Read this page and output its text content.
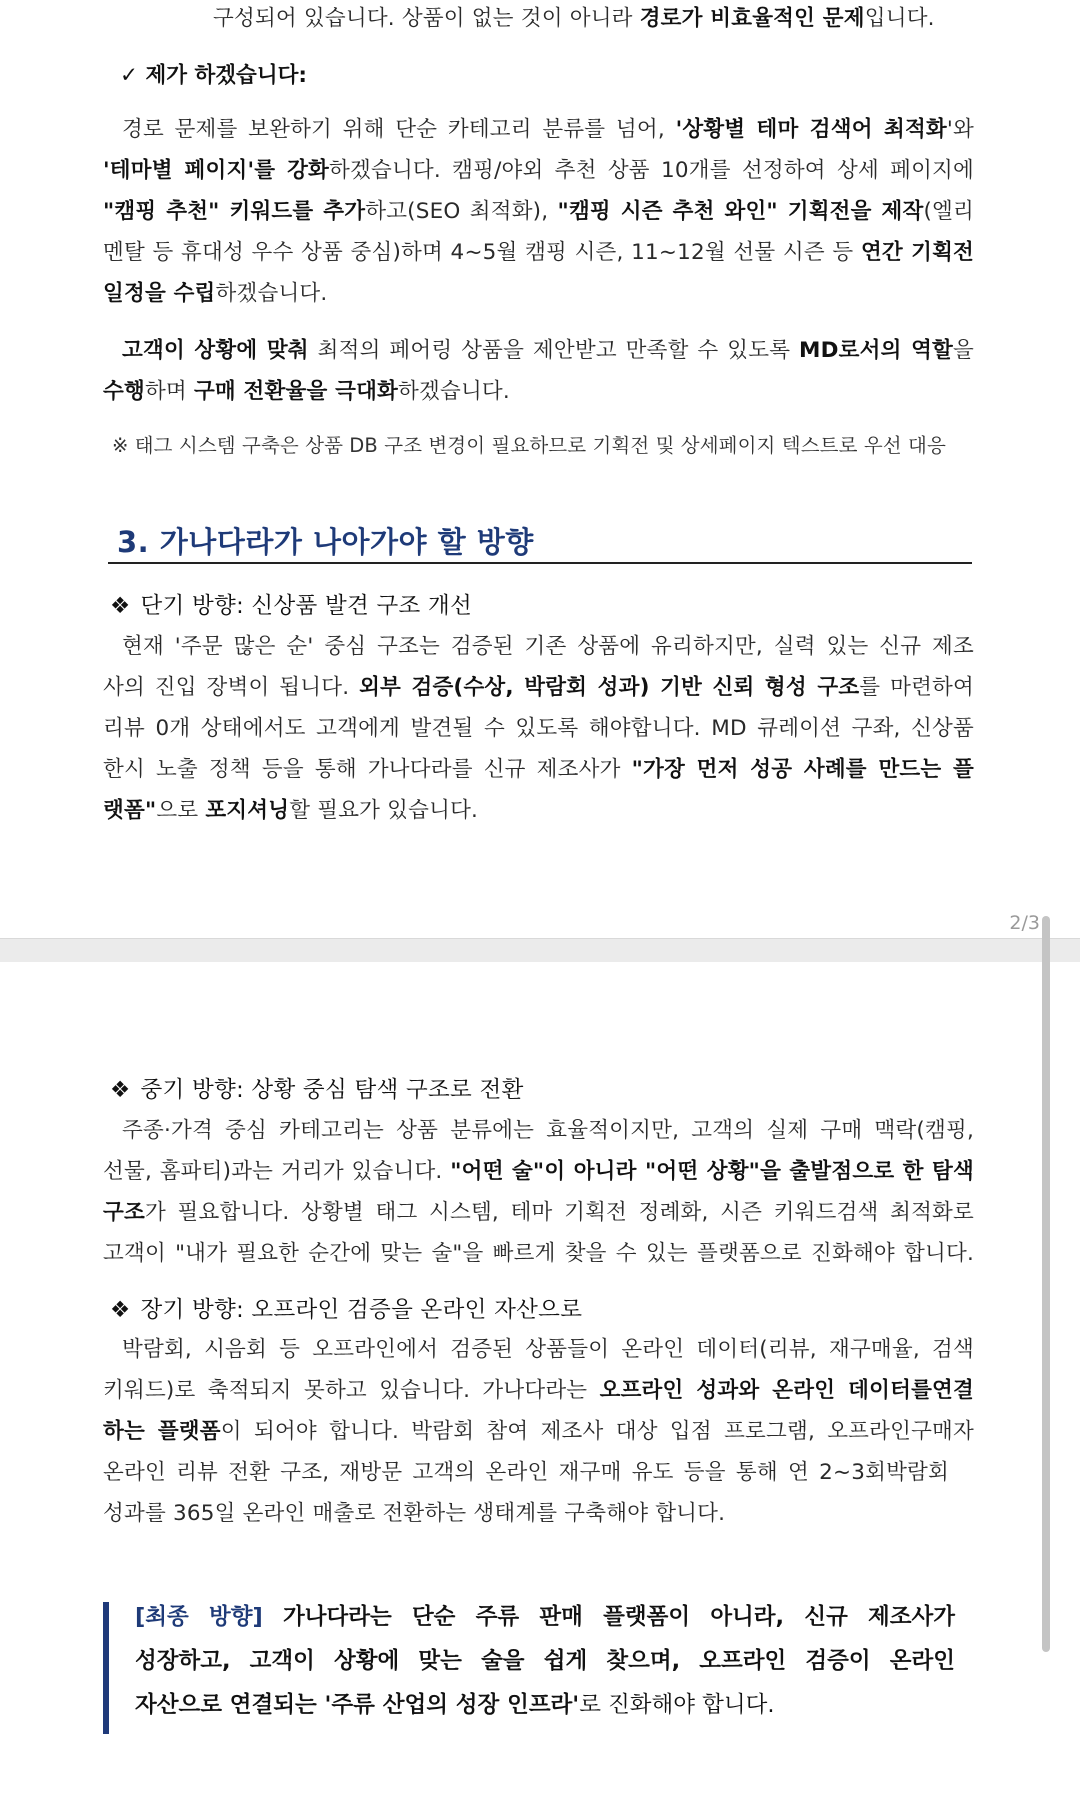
구성되어 있습니다. 상품이 없는 것이 아니라 경로가 비효율적인 문제입니다.
✓ 제가 하겠습니다:
경로 문제를 보완하기 위해 단순 카테고리 분류를 넘어, '상황별 테마 검색어 최적화'와
'테마별 페이지'를 강화하겠습니다. 캠핑/야외 추천 상품 10개를 선정하여 상세 페이지에
"캠핑 추천" 키워드를 추가하고(SEO 최적화), "캠핑 시즌 추천 와인" 기획전을 제작(엘리
멘탈 등 휴대성 우수 상품 중심)하며 4~5월 캠핑 시즌, 11~12월 선물 시즌 등 연간 기획전
일정을 수립하겠습니다.
고객이 상황에 맞춰 최적의 페어링 상품을 제안받고 만족할 수 있도록 MD로서의 역할을
수행하며 구매 전환율을 극대화하겠습니다.
※ 태그 시스템 구축은 상품 DB 구조 변경이 필요하므로 기획전 및 상세페이지 텍스트로 우선 대응
3. 가나다라가 나아가야 할 방향
❖ 단기 방향: 신상품 발견 구조 개선
현재 '주문 많은 순' 중심 구조는 검증된 기존 상품에 유리하지만, 실력 있는 신규 제조
사의 진입 장벽이 됩니다. 외부 검증(수상, 박람회 성과) 기반 신뢰 형성 구조를 마련하여
리뷰 0개 상태에서도 고객에게 발견될 수 있도록 해야합니다. MD 큐레이션 구좌, 신상품
한시 노출 정책 등을 통해 가나다라를 신규 제조사가 "가장 먼저 성공 사례를 만드는 플
랫폼"으로 포지셔닝할 필요가 있습니다.
2/3
❖ 중기 방향: 상황 중심 탐색 구조로 전환
주종·가격 중심 카테고리는 상품 분류에는 효율적이지만, 고객의 실제 구매 맥락(캠핑,
선물, 홈파티)과는 거리가 있습니다. "어떤 술"이 아니라 "어떤 상황"을 출발점으로 한 탐색
구조가 필요합니다. 상황별 태그 시스템, 테마 기획전 정례화, 시즌 키워드검색 최적화로
고객이 "내가 필요한 순간에 맞는 술"을 빠르게 찾을 수 있는 플랫폼으로 진화해야 합니다.
❖ 장기 방향: 오프라인 검증을 온라인 자산으로
박람회, 시음회 등 오프라인에서 검증된 상품들이 온라인 데이터(리뷰, 재구매율, 검색
키워드)로 축적되지 못하고 있습니다. 가나다라는 오프라인 성과와 온라인 데이터를연결
하는 플랫폼이 되어야 합니다. 박람회 참여 제조사 대상 입점 프로그램, 오프라인구매자
온라인 리뷰 전환 구조, 재방문 고객의 온라인 재구매 유도 등을 통해 연 2~3회박람회
성과를 365일 온라인 매출로 전환하는 생태계를 구축해야 합니다.
[최종 방향] 가나다라는 단순 주류 판매 플랫폼이 아니라, 신규 제조사가
성장하고, 고객이 상황에 맞는 술을 쉽게 찾으며, 오프라인 검증이 온라인
자산으로 연결되는 '주류 산업의 성장 인프라'로 진화해야 합니다.
